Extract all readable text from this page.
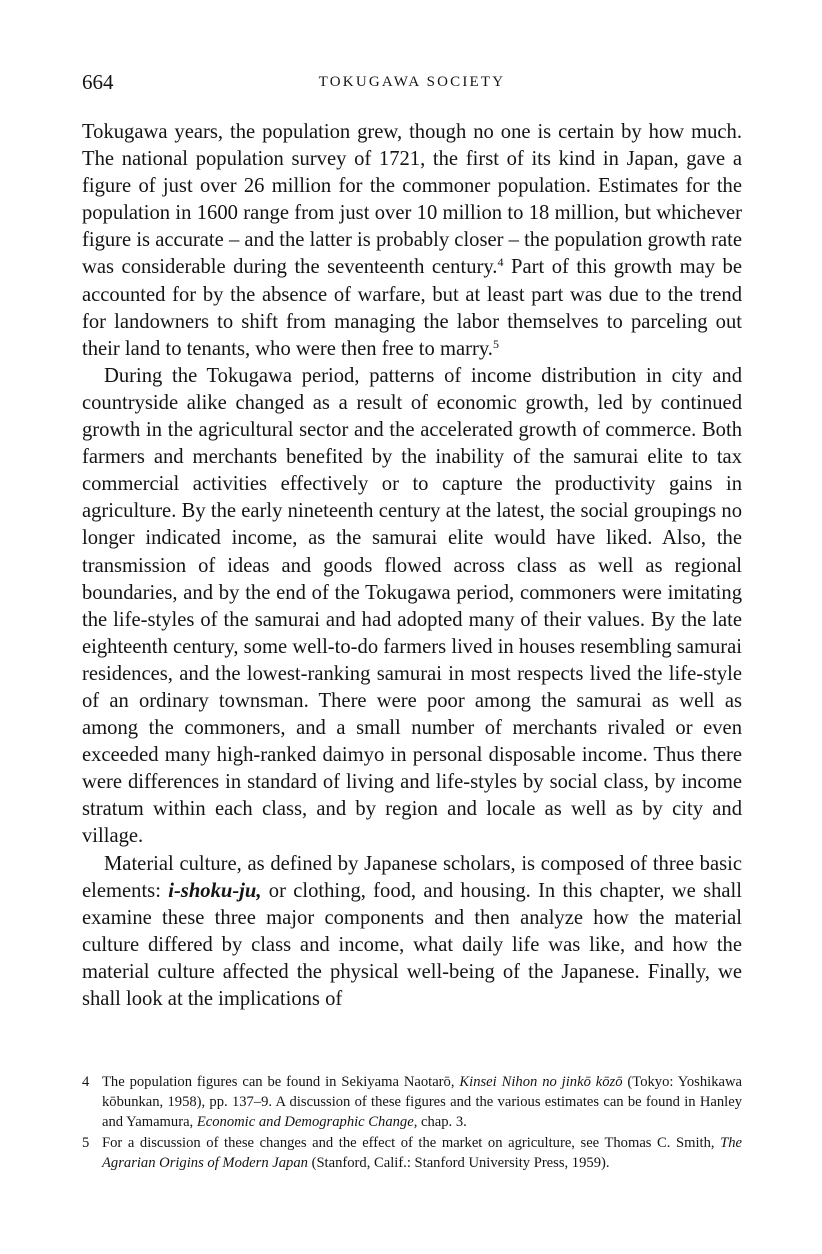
664	TOKUGAWA SOCIETY

Tokugawa years, the population grew, though no one is certain by how much. The national population survey of 1721, the first of its kind in Japan, gave a figure of just over 26 million for the commoner population. Estimates for the population in 1600 range from just over 10 million to 18 million, but whichever figure is accurate – and the latter is probably closer – the population growth rate was considerable during the seventeenth century.$^4$ Part of this growth may be accounted for by the absence of warfare, but at least part was due to the trend for landowners to shift from managing the labor themselves to parceling out their land to tenants, who were then free to marry.$^5$

During the Tokugawa period, patterns of income distribution in city and countryside alike changed as a result of economic growth, led by continued growth in the agricultural sector and the accelerated growth of commerce. Both farmers and merchants benefited by the inability of the samurai elite to tax commercial activities effectively or to capture the productivity gains in agriculture. By the early nineteenth century at the latest, the social groupings no longer indicated income, as the samurai elite would have liked. Also, the transmission of ideas and goods flowed across class as well as regional boundaries, and by the end of the Tokugawa period, commoners were imitating the life-styles of the samurai and had adopted many of their values. By the late eighteenth century, some well-to-do farmers lived in houses resembling samurai residences, and the lowest-ranking samurai in most respects lived the life-style of an ordinary townsman. There were poor among the samurai as well as among the commoners, and a small number of merchants rivaled or even exceeded many high-ranked daimyo in personal disposable income. Thus there were differences in standard of living and life-styles by social class, by income stratum within each class, and by region and locale as well as by city and village.

Material culture, as defined by Japanese scholars, is composed of three basic elements: i-shoku-ju, or clothing, food, and housing. In this chapter, we shall examine these three major components and then analyze how the material culture differed by class and income, what daily life was like, and how the material culture affected the physical well-being of the Japanese. Finally, we shall look at the implications of

4 The population figures can be found in Sekiyama Naotarō, Kinsei Nihon no jinkō kōzō (Tokyo: Yoshikawa kōbunkan, 1958), pp. 137–9. A discussion of these figures and the various estimates can be found in Hanley and Yamamura, Economic and Demographic Change, chap. 3.
5 For a discussion of these changes and the effect of the market on agriculture, see Thomas C. Smith, The Agrarian Origins of Modern Japan (Stanford, Calif.: Stanford University Press, 1959).
